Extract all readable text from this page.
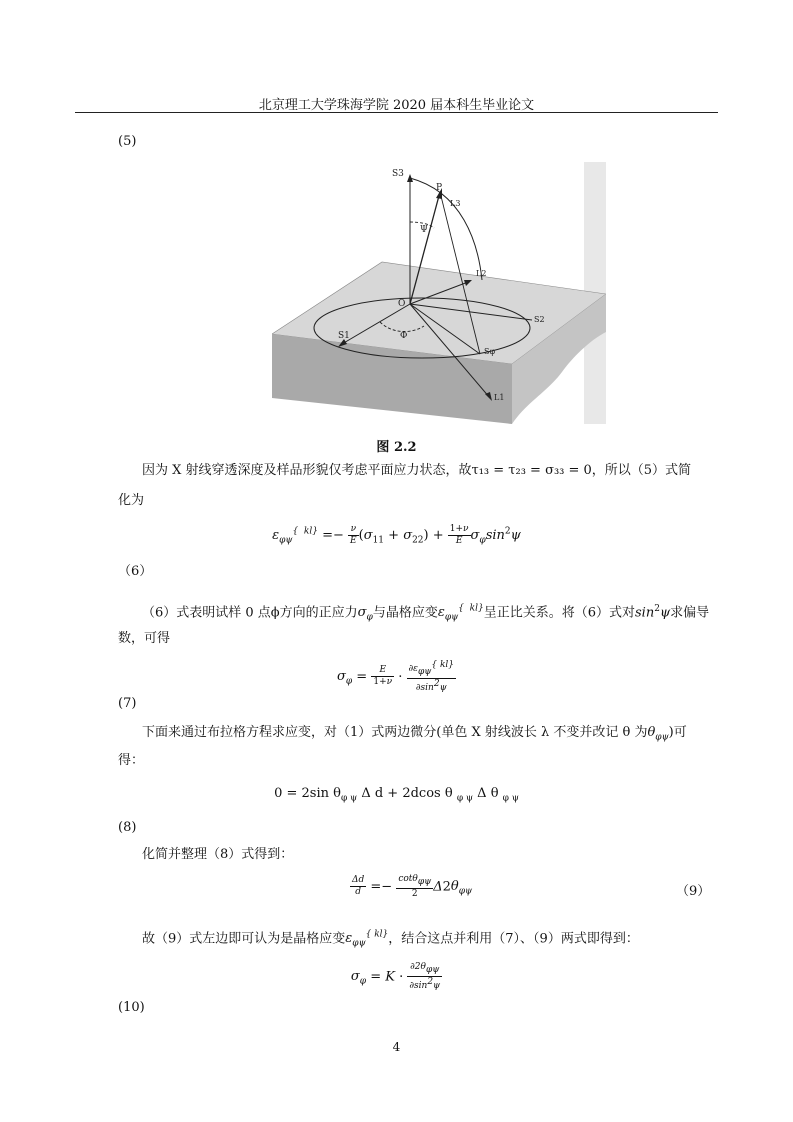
北京理工大学珠海学院 2020 届本科生毕业论文
(5)
S3
P
L3
Ψ
L2
O
S1	Φ
S2
Sφ
L1
图 2.2
因为 X 射线穿透深度及样品形貌仅考虑平面应力状态，故τ₁₃ = τ₂₃ = σ₃₃ = 0，所以（5）式简
化为
$\varepsilon_{\varphi\psi}^{\{ kl\}} =- \frac{\nu}{E} (\sigma_{11} + \sigma_{22}) + \frac{1+\nu}{E} \sigma_\varphi\sin^2\psi$
（6）
（6）式表明试样 0 点ϕ方向的正应力$\sigma_\varphi$与晶格应变$\varepsilon_{\varphi\psi}^{\{ kl\}}$呈正比关系。将（6）式对$\sin^2\psi$求偏导
数，可得
$\sigma_\varphi = \frac{E}{1+\nu} \cdot \frac{\partial\varepsilon_{\varphi\psi}^{\{ kl\}}}{\partial\sin^2\psi}$
(7)
下面来通过布拉格方程求应变，对（1）式两边微分(单色 X 射线波长 λ 不变并改记 θ 为$\theta_{\varphi\psi}$)可
得：
0 = 2sin $\theta_{\varphi \psi}$ Δ d + 2dcos θ $_{\varphi \psi}$ Δ θ $_{\varphi \psi}$
(8)
化简并整理（8）式得到：
$\frac{\Delta d}{d} =- \frac{\cot\theta_{\varphi\psi}}{2} \Delta 2\theta_{\varphi\psi}$	（9）
故（9）式左边即可认为是晶格应变$\varepsilon_{\varphi\psi}^{\{ kl\}}$，结合这点并利用（7）、（9）两式即得到：
$\sigma_\varphi = K \cdot \frac{\partial 2\theta_{\varphi\psi}}{\partial\sin^2\psi}$
(10)
4
